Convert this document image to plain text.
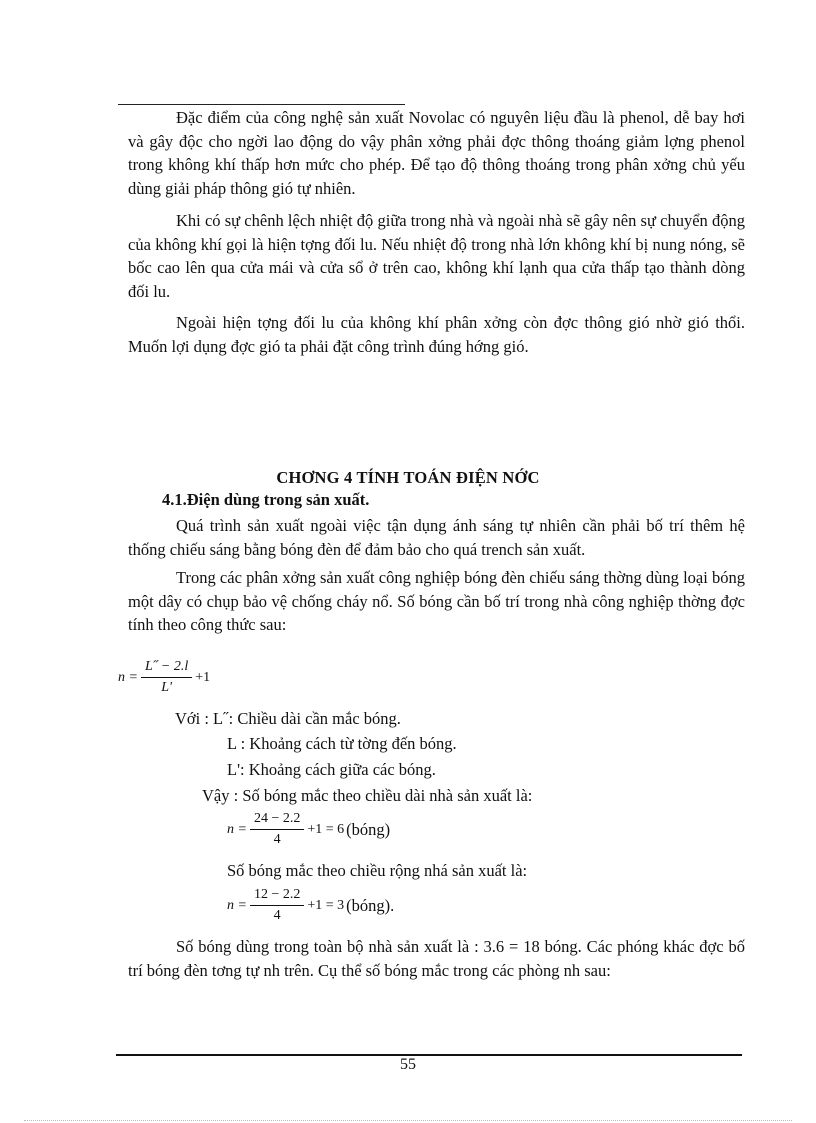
Đặc điểm của công nghệ sản xuất Novolac có nguyên liệu đầu là phenol, dễ bay hơi và gây độc cho ngời lao động do vậy phân xởng phải đợc thông thoáng giảm lợng phenol trong không khí thấp hơn mức cho phép. Để tạo độ thông thoáng trong phân xởng chủ yếu dùng giải pháp thông gió tự nhiên.

Khi có sự chênh lệch nhiệt độ giữa trong nhà và ngoài nhà sẽ gây nên sự chuyển động của không khí gọi là hiện tợng đối lu. Nếu nhiệt độ trong nhà lớn không khí bị nung nóng, sẽ bốc cao lên qua cửa mái và cửa sổ ở trên cao, không khí lạnh qua cửa thấp tạo thành dòng đối lu.

Ngoài hiện tợng đối lu của không khí phân xởng còn đợc thông gió nhờ gió thổi. Muốn lợi dụng đợc gió ta phải đặt công trình đúng hớng gió.

CHƠNG 4 TÍNH TOÁN ĐIỆN NỚC
4.1.Điện dùng trong sản xuất.

Quá trình sản xuất ngoài việc tận dụng ánh sáng tự nhiên cần phải bố trí thêm hệ thống chiếu sáng bằng bóng đèn để đảm bảo cho quá trench sản xuất.

Trong các phân xởng sản xuất công nghiệp bóng đèn chiếu sáng thờng dùng loại bóng một dây có chụp bảo vệ chống cháy nổ. Số bóng cần bố trí trong nhà công nghiệp thờng đợc tính theo công thức sau:

$n = \frac{L˝ - 2.l}{L'} +1$
Với : L˝: Chiều dài cần mắc bóng.
L : Khoảng cách từ tờng đến bóng.
L': Khoảng cách giữa các bóng.
Vậy : Số bóng mắc theo chiều dài nhà sản xuất là:
$n = \frac{24 - 2.2}{4} +1 = 6$ (bóng)
Số bóng mắc theo chiều rộng nhá sản xuất là:
$n = \frac{12 - 2.2}{4} +1 = 3$ (bóng).

Số bóng dùng trong toàn bộ nhà sản xuất là : 3.6 = 18 bóng. Các phóng khác đợc bố trí bóng đèn tơng tự nh trên. Cụ thể số bóng mắc trong các phòng nh sau:

55
